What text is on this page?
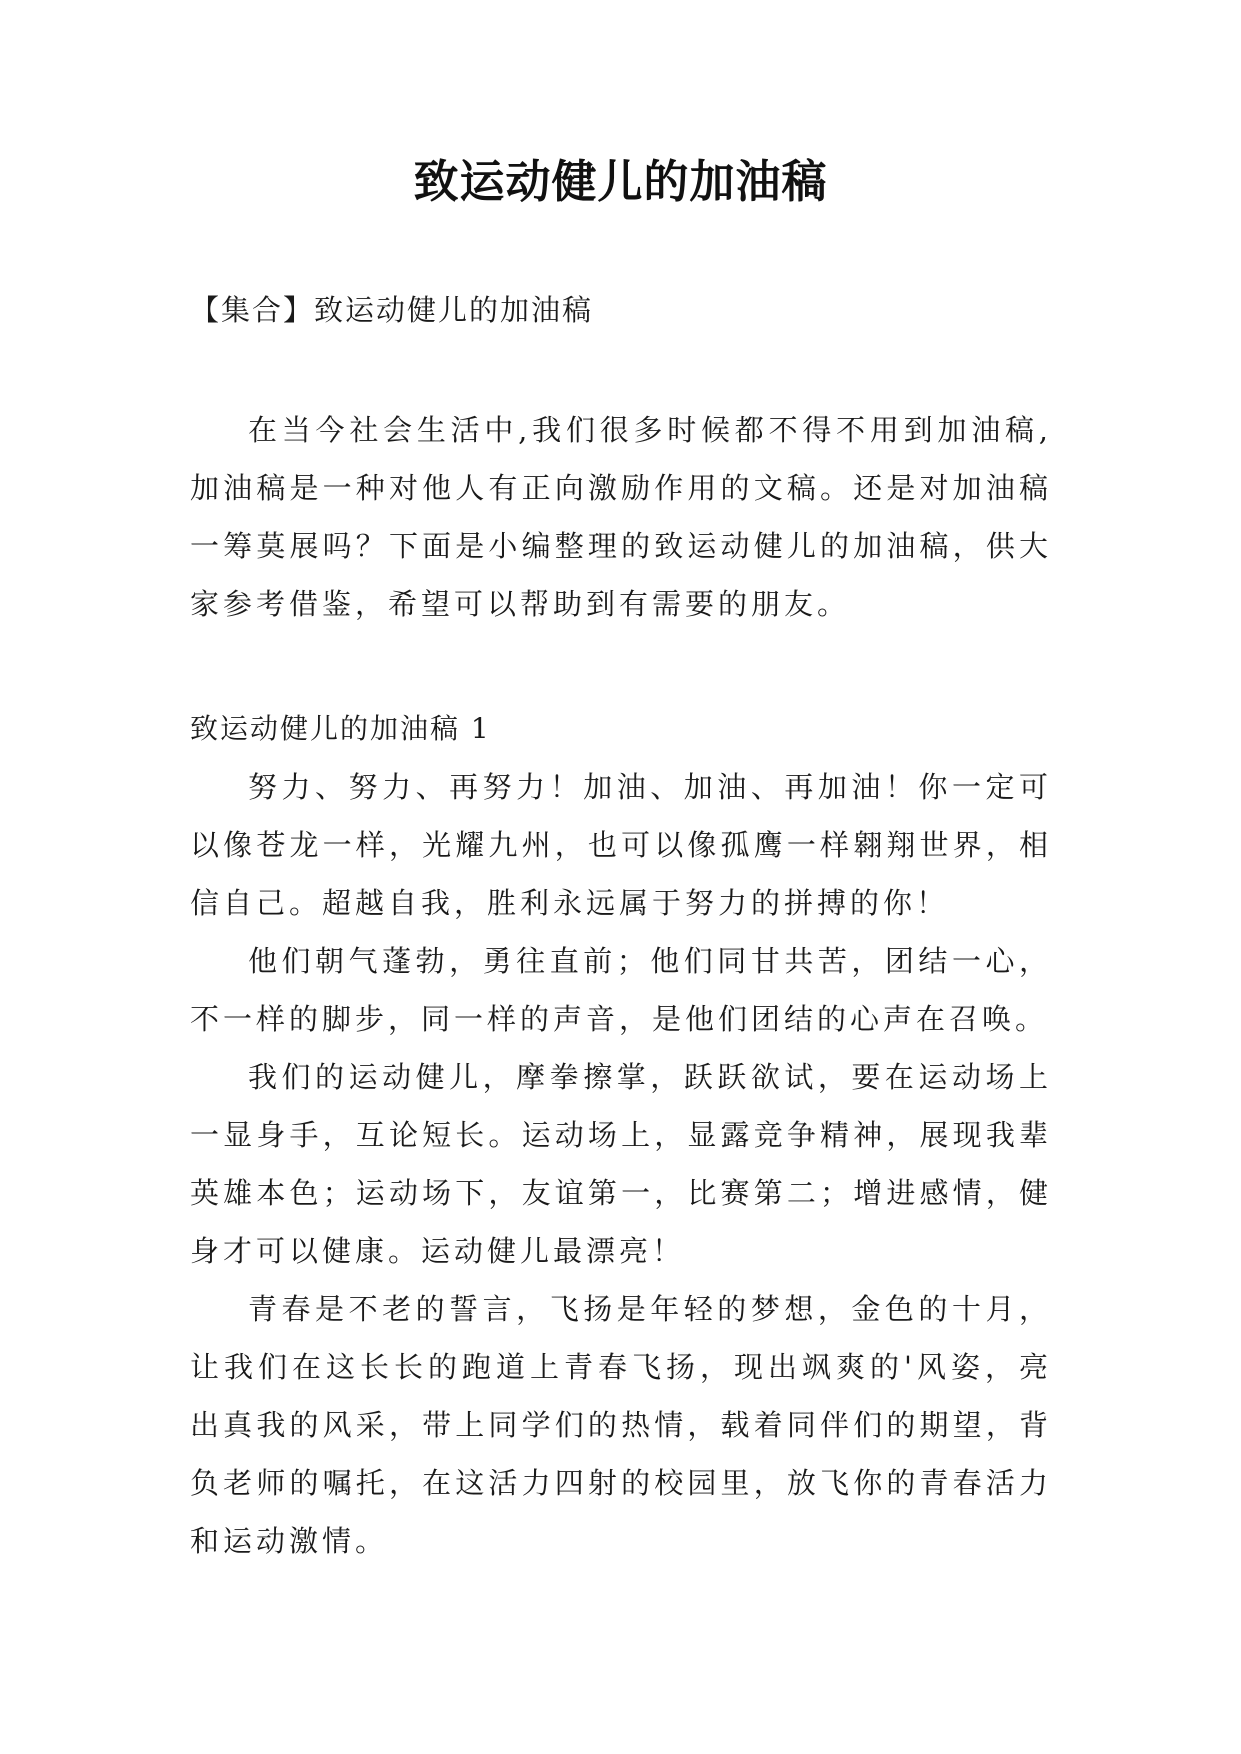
致运动健儿的加油稿
【集合】致运动健儿的加油稿

在当今社会生活中,我们很多时候都不得不用到加油稿,加油稿是一种对他人有正向激励作用的文稿。还是对加油稿一筹莫展吗？下面是小编整理的致运动健儿的加油稿，供大家参考借鉴，希望可以帮助到有需要的朋友。

致运动健儿的加油稿 1

努力、努力、再努力！加油、加油、再加油！你一定可以像苍龙一样，光耀九州，也可以像孤鹰一样翱翔世界，相信自己。超越自我，胜利永远属于努力的拼搏的你！

他们朝气蓬勃，勇往直前；他们同甘共苦，团结一心，不一样的脚步，同一样的声音，是他们团结的心声在召唤。

我们的运动健儿，摩拳擦掌，跃跃欲试，要在运动场上一显身手，互论短长。运动场上，显露竞争精神，展现我辈英雄本色；运动场下，友谊第一，比赛第二；增进感情，健身才可以健康。运动健儿最漂亮！

青春是不老的誓言，飞扬是年轻的梦想，金色的十月，让我们在这长长的跑道上青春飞扬，现出飒爽的'风姿，亮出真我的风采，带上同学们的热情，载着同伴们的期望，背负老师的嘱托，在这活力四射的校园里，放飞你的青春活力和运动激情。
